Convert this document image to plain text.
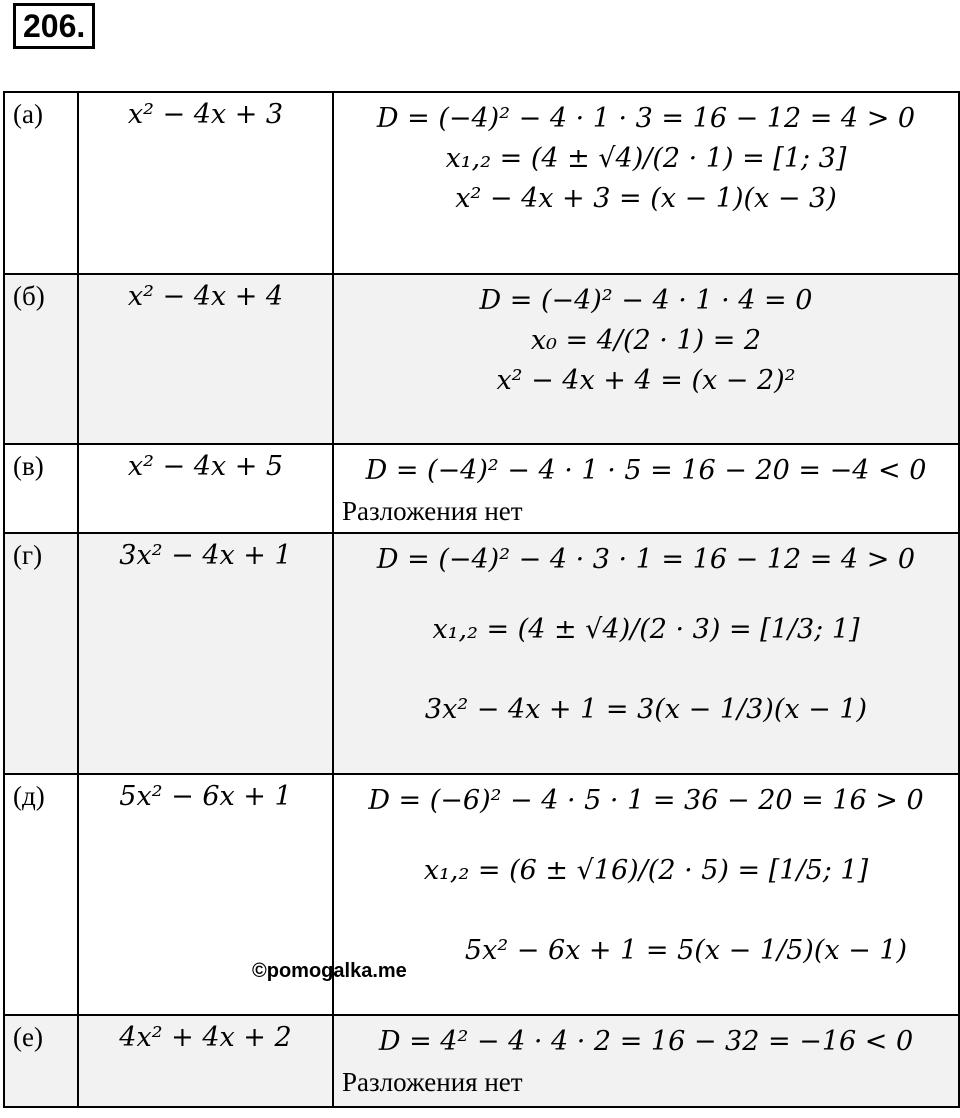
206.
(а)	x² − 4x + 3	D = (−4)² − 4 · 1 · 3 = 16 − 12 = 4 > 0
x₁,₂ = (4 ± √4)/(2 · 1) = [1; 3]
x² − 4x + 3 = (x − 1)(x − 3)

(б)	x² − 4x + 4	D = (−4)² − 4 · 1 · 4 = 0
x₀ = 4/(2 · 1) = 2
x² − 4x + 4 = (x − 2)²

(в)	x² − 4x + 5	D = (−4)² − 4 · 1 · 5 = 16 − 20 = −4 < 0
Разложения нет

(г)	3x² − 4x + 1	D = (−4)² − 4 · 3 · 1 = 16 − 12 = 4 > 0
x₁,₂ = (4 ± √4)/(2 · 3) = [1/3; 1]
3x² − 4x + 1 = 3(x − 1/3)(x − 1)

(д)	5x² − 6x + 1	D = (−6)² − 4 · 5 · 1 = 36 − 20 = 16 > 0
x₁,₂ = (6 ± √16)/(2 · 5) = [1/5; 1]
5x² − 6x + 1 = 5(x − 1/5)(x − 1)

(е)	4x² + 4x + 2	D = 4² − 4 · 4 · 2 = 16 − 32 = −16 < 0
Разложения нет
©pomogalka.me
